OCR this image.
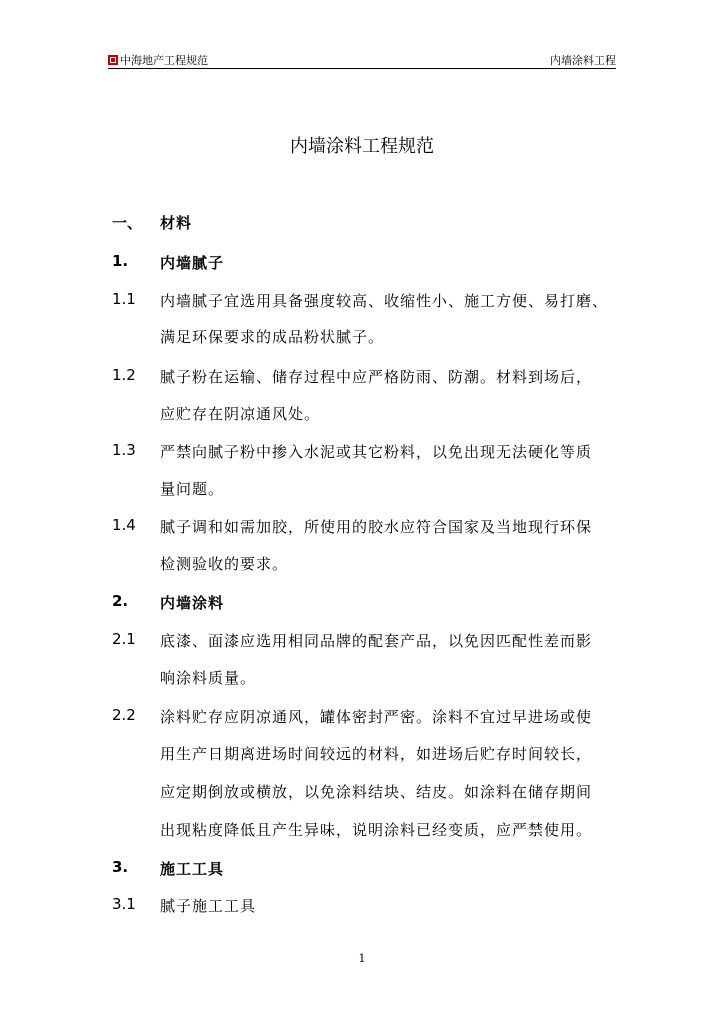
中海地产工程规范	内墙涂料工程
内墙涂料工程规范
一、 材料
1. 内墙腻子
1.1 内墙腻子宜选用具备强度较高、收缩性小、施工方便、易打磨、
满足环保要求的成品粉状腻子。
1.2 腻子粉在运输、储存过程中应严格防雨、防潮。材料到场后，
应贮存在阴凉通风处。
1.3 严禁向腻子粉中掺入水泥或其它粉料，以免出现无法硬化等质
量问题。
1.4 腻子调和如需加胶，所使用的胶水应符合国家及当地现行环保
检测验收的要求。
2. 内墙涂料
2.1 底漆、面漆应选用相同品牌的配套产品，以免因匹配性差而影
响涂料质量。
2.2 涂料贮存应阴凉通风，罐体密封严密。涂料不宜过早进场或使
用生产日期离进场时间较远的材料，如进场后贮存时间较长，
应定期倒放或横放，以免涂料结块、结皮。如涂料在储存期间
出现粘度降低且产生异味，说明涂料已经变质，应严禁使用。
3. 施工工具
3.1 腻子施工工具
1
